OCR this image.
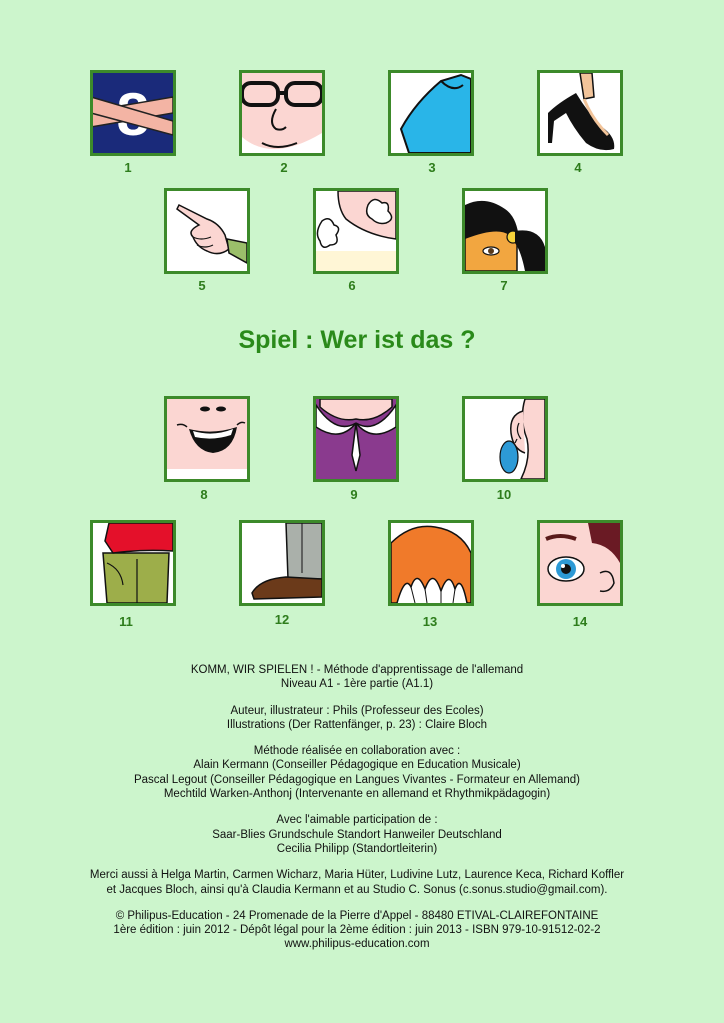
1	2	3	4
5	6	7
Spiel : Wer ist das ?
8	9	10
11	12	13	14
KOMM, WIR SPIELEN ! - Méthode d'apprentissage de l'allemand
Niveau A1 - 1ère partie (A1.1)
Auteur, illustrateur : Phils (Professeur des Ecoles)
Illustrations (Der Rattenfänger, p. 23) : Claire Bloch
Méthode réalisée en collaboration avec :
Alain Kermann (Conseiller Pédagogique en Education Musicale)
Pascal Legout (Conseiller Pédagogique en Langues Vivantes - Formateur en Allemand)
Mechtild Warken-Anthonj (Intervenante en allemand et Rhythmikpädagogin)
Avec l'aimable participation de :
Saar-Blies Grundschule Standort Hanweiler Deutschland
Cecilia Philipp (Standortleiterin)
Merci aussi à Helga Martin, Carmen Wicharz, Maria Hüter, Ludivine Lutz, Laurence Keca, Richard Koffler
et Jacques Bloch, ainsi qu'à Claudia Kermann et au Studio C. Sonus (c.sonus.studio@gmail.com).
© Philipus-Education - 24 Promenade de la Pierre d'Appel - 88480 ETIVAL-CLAIREFONTAINE
1ère édition : juin 2012 - Dépôt légal pour la 2ème édition : juin 2013 - ISBN 979-10-91512-02-2
www.philipus-education.com
